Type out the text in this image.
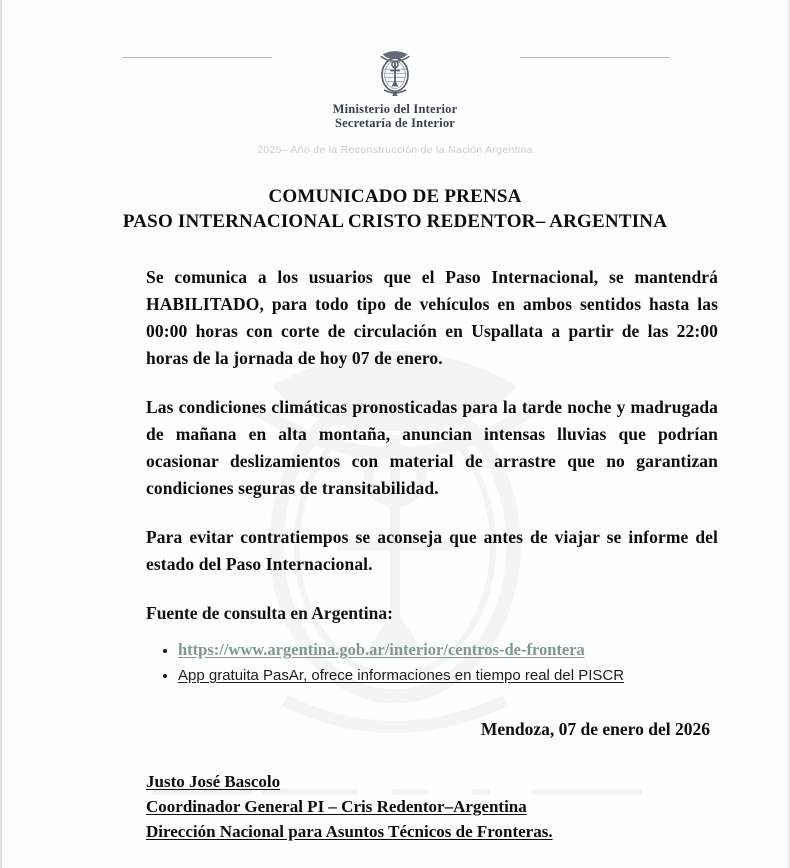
Ministerio del Interior
Secretaría de Interior
2025– Año de la Reconstrucción de la Nación Argentina
COMUNICADO DE PRENSA
PASO INTERNACIONAL CRISTO REDENTOR– ARGENTINA

Se comunica a los usuarios que el Paso Internacional, se mantendrá HABILITADO, para todo tipo de vehículos en ambos sentidos hasta las 00:00 horas con corte de circulación en Uspallata a partir de las 22:00 horas de la jornada de hoy 07 de enero.

Las condiciones climáticas pronosticadas para la tarde noche y madrugada de mañana en alta montaña, anuncian intensas lluvias que podrían ocasionar deslizamientos con material de arrastre que no garantizan condiciones seguras de transitabilidad.

Para evitar contratiempos se aconseja que antes de viajar se informe del estado del Paso Internacional.

Fuente de consulta en Argentina:

• https://www.argentina.gob.ar/interior/centros-de-frontera
• App gratuita PasAr, ofrece informaciones en tiempo real del PISCR
Mendoza, 07 de enero del 2026
Justo José Bascolo
Coordinador General PI – Cris Redentor–Argentina
Dirección Nacional para Asuntos Técnicos de Fronteras.
